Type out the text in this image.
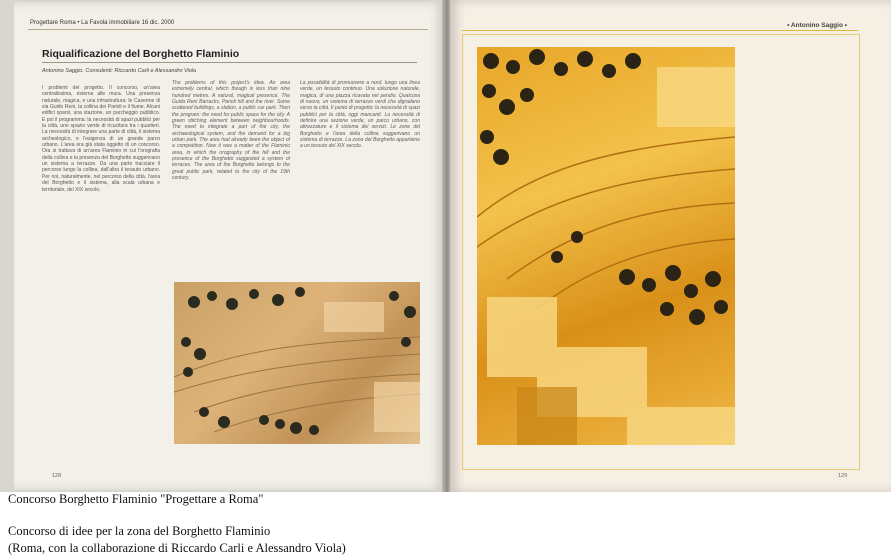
Progettare Roma • La Favola immobiliare 16 dic. 2000	• Antonino Saggio •
Riqualificazione del Borghetto Flaminio
Antonino Saggio. Consulenti: Riccardo Carli e Alessandro Viola
I problemi del progetto. Il concorso, un'area centralissima, esterna alle mura. Una presenza naturale, magica, e una infrastruttura: le Caserme di via Guido Reni, la collina dei Parioli e il fiume. Alcuni edifici sparsi, una stazione, un parcheggio pubblico. E poi il programma: la necessità di spazi pubblici per la città, uno spazio verde di ricucitura tra i quartieri. La necessità di integrare una parte di città, il sistema archeologico, e l'esigenza di un grande parco urbano. L'area era già stata oggetto di un concorso. Ora si trattava di un'area Flaminio in cui l'orografia della collina e la presenza del Borghetto suggerivano un sistema a terrazze. Da una parte tracciare il percorso lungo la collina, dall'altra il tessuto urbano. Per noi, naturalmente, nel percorso della città, l'area del Borghetto e il sistema, alla scala urbana e territoriale, del XIX secolo.
The problems of this project's idea. An area extremely central, which though is less than nine hundred metres. A natural, magical presence. The Guido Reni Barracks, Parioli hill and the river. Some scattered buildings, a station, a public car park. Then the program: the need for public space for the city. A green stitching element between neighbourhoods. The need to integrate a part of the city, the archaeological system, and the demand for a big urban park. The area had already been the object of a competition. Now it was a matter of the Flaminio area, in which the orography of the hill and the presence of the Borghetto suggested a system of terraces. The area of the Borghetto belongs to the great public park, related to the city of the 19th century.
La possibilità di promuovere a nord, lungo una linea verde, un tessuto continuo. Una soluzione naturale, magica, di una piazza ricavata nel pendio. Qualcosa di nuovo, un sistema di terrazze verdi che digradano verso la città. Il punto di progetto: la necessità di spazi pubblici per la città, oggi mancanti. La necessità di definire una sezione verde, un parco urbano, con attrezzature e il sistema dei servizi. Le zone del Borghetto e l'area della collina suggerivano un sistema di terrazze. La zona del Borghetto appartiene a un tessuto del XIX secolo.
128	129
Concorso Borghetto Flaminio "Progettare a Roma"
Concorso di idee per la zona del Borghetto Flaminio
(Roma, con la collaborazione di Riccardo Carli e Alessandro Viola)
